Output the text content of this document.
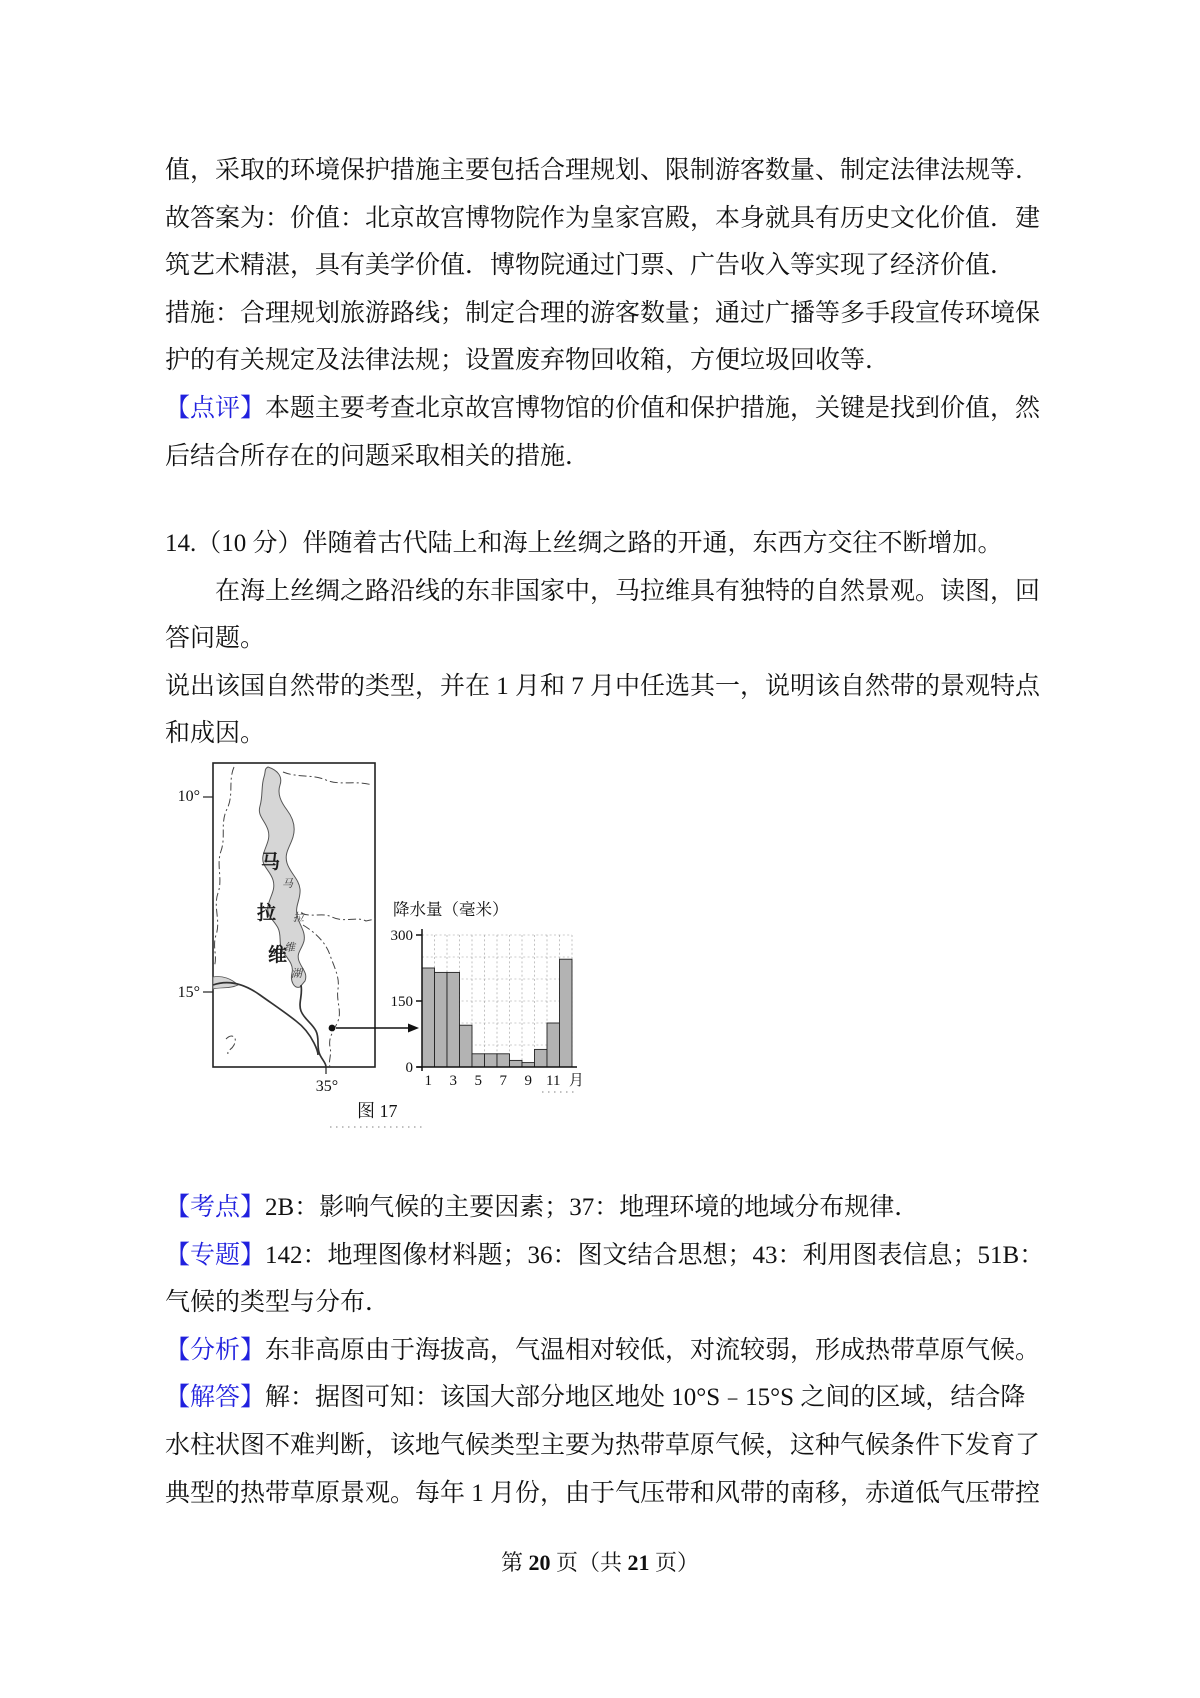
值，采取的环境保护措施主要包括合理规划、限制游客数量、制定法律法规等．
故答案为：价值：北京故宫博物院作为皇家宫殿，本身就具有历史文化价值．建
筑艺术精湛，具有美学价值．博物院通过门票、广告收入等实现了经济价值．
措施：合理规划旅游路线；制定合理的游客数量；通过广播等多手段宣传环境保
护的有关规定及法律法规；设置废弃物回收箱，方便垃圾回收等．
【点评】本题主要考查北京故宫博物馆的价值和保护措施，关键是找到价值，然
后结合所存在的问题采取相关的措施．
14.（10 分）伴随着古代陆上和海上丝绸之路的开通，东西方交往不断增加。
在海上丝绸之路沿线的东非国家中，马拉维具有独特的自然景观。读图，回
答问题。
说出该国自然带的类型，并在 1 月和 7 月中任选其一，说明该自然带的景观特点
和成因。
10°
15°
35°
马
拉
维
马
拉
维
湖
降水量（毫米）
0
150
300
1 3 5 7 9 11 月
图 17
【考点】2B：影响气候的主要因素；37：地理环境的地域分布规律．
【专题】142：地理图像材料题；36：图文结合思想；43：利用图表信息；51B：
气候的类型与分布．
【分析】东非高原由于海拔高，气温相对较低，对流较弱，形成热带草原气候。
【解答】解：据图可知：该国大部分地区地处 10°S﹣15°S 之间的区域，结合降
水柱状图不难判断，该地气候类型主要为热带草原气候，这种气候条件下发育了
典型的热带草原景观。每年 1 月份，由于气压带和风带的南移，赤道低气压带控
第 20 页（共 21 页）
